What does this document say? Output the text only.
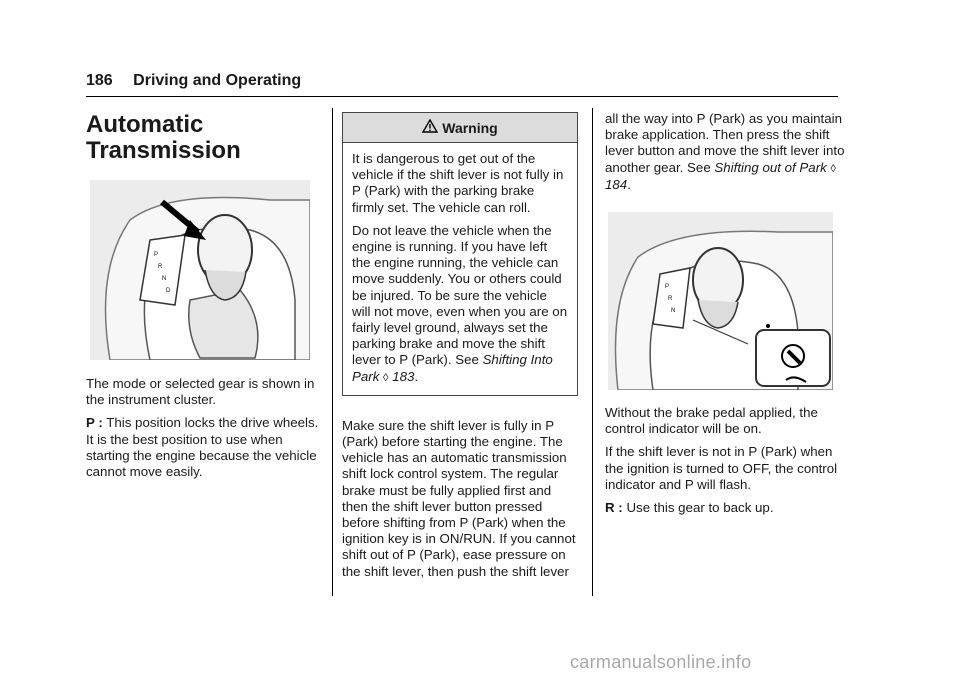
186 Driving and Operating
Automatic
Transmission
P
R
N
D

The mode or selected gear is shown in the instrument cluster.

P : This position locks the drive wheels. It is the best position to use when starting the engine because the vehicle cannot move easily.

Warning

It is dangerous to get out of the vehicle if the shift lever is not fully in P (Park) with the parking brake firmly set. The vehicle can roll.

Do not leave the vehicle when the engine is running. If you have left the engine running, the vehicle can move suddenly. You or others could be injured. To be sure the vehicle will not move, even when you are on fairly level ground, always set the parking brake and move the shift lever to P (Park). See Shifting Into Park ◊ 183.

Make sure the shift lever is fully in P (Park) before starting the engine. The vehicle has an automatic transmission shift lock control system. The regular brake must be fully applied first and then the shift lever button pressed before shifting from P (Park) when the ignition key is in ON/RUN. If you cannot shift out of P (Park), ease pressure on the shift lever, then push the shift lever

all the way into P (Park) as you maintain brake application. Then press the shift lever button and move the shift lever into another gear. See Shifting out of Park ◊ 184.

P
R
N

Without the brake pedal applied, the control indicator will be on.

If the shift lever is not in P (Park) when the ignition is turned to OFF, the control indicator and P will flash.

R : Use this gear to back up.

carmanualsonline.info
